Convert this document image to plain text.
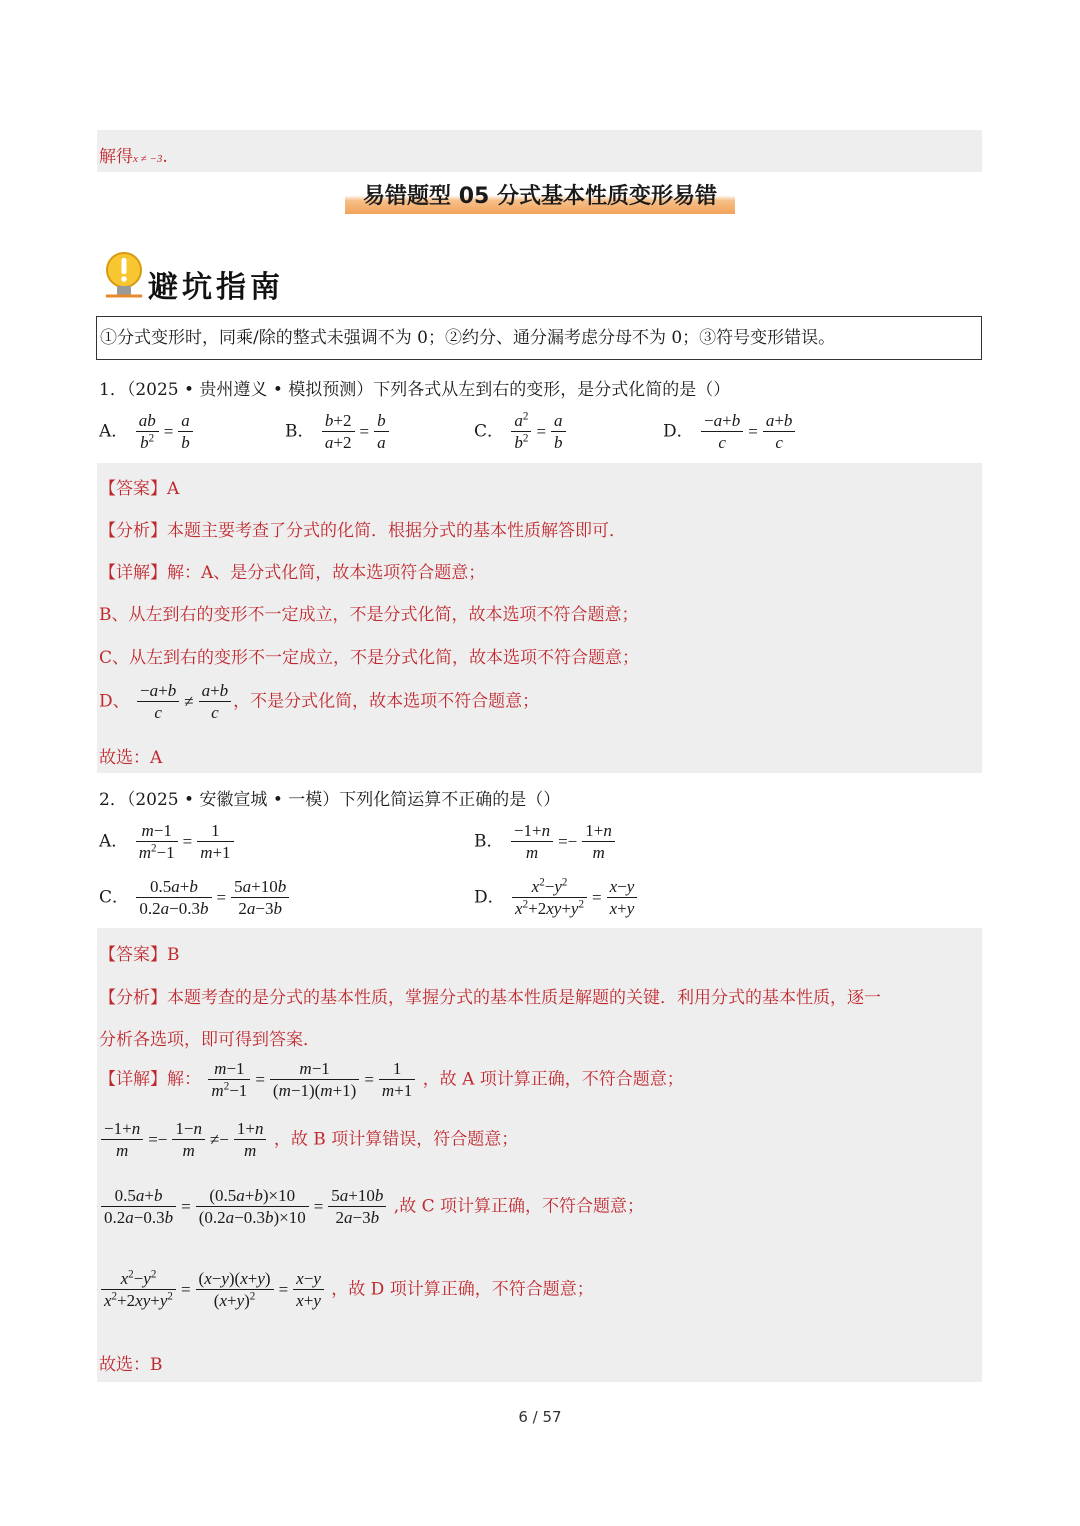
解得x ≠ −3.
易错题型 05 分式基本性质变形易错
避坑指南
①分式变形时，同乘/除的整式未强调不为 0；②约分、通分漏考虑分母不为 0；③符号变形错误。
1．（2025 • 贵州遵义 • 模拟预测）下列各式从左到右的变形，是分式化简的是（）
A． $\frac{ab}{b^2} = \frac{a}{b}$	B． $\frac{b+2}{a+2} = \frac{b}{a}$	C． $\frac{a^2}{b^2} = \frac{a}{b}$	D． $\frac{-a+b}{c} = \frac{a+b}{c}$
【答案】A
【分析】本题主要考查了分式的化简．根据分式的基本性质解答即可．
【详解】解：A、是分式化简，故本选项符合题意；
B、从左到右的变形不一定成立，不是分式化简，故本选项不符合题意；
C、从左到右的变形不一定成立，不是分式化简，故本选项不符合题意；
D、 $\frac{-a+b}{c} \ne \frac{a+b}{c}$ ，不是分式化简，故本选项不符合题意；
故选：A
2．（2025 • 安徽宣城 • 一模）下列化简运算不正确的是（）
A． $\frac{m-1}{m^2-1} = \frac{1}{m+1}$	B． $\frac{-1+n}{m} =- \frac{1+n}{m}$
C． $\frac{0.5a+b}{0.2a-0.3b} = \frac{5a+10b}{2a-3b}$	D． $\frac{x^2-y^2}{x^2+2xy+y^2} = \frac{x-y}{x+y}$
【答案】B
【分析】本题考查的是分式的基本性质，掌握分式的基本性质是解题的关键．利用分式的基本性质，逐一
分析各选项，即可得到答案．
【详解】解： $\frac{m-1}{m^2-1} = \frac{m-1}{(m-1)(m+1)} = \frac{1}{m+1}$ ，故 A 项计算正确，不符合题意；
$\frac{-1+n}{m} =- \frac{1-n}{m} \ne- \frac{1+n}{m}$ ，故 B 项计算错误，符合题意；
$\frac{0.5a+b}{0.2a-0.3b} = \frac{(0.5a+b)\times 10}{(0.2a-0.3b)\times 10} = \frac{5a+10b}{2a-3b}$ ,故 C 项计算正确，不符合题意；
$\frac{x^2-y^2}{x^2+2xy+y^2} = \frac{(x-y)(x+y)}{(x+y)^2} = \frac{x-y}{x+y}$ ，故 D 项计算正确，不符合题意；
故选：B
6 / 57
